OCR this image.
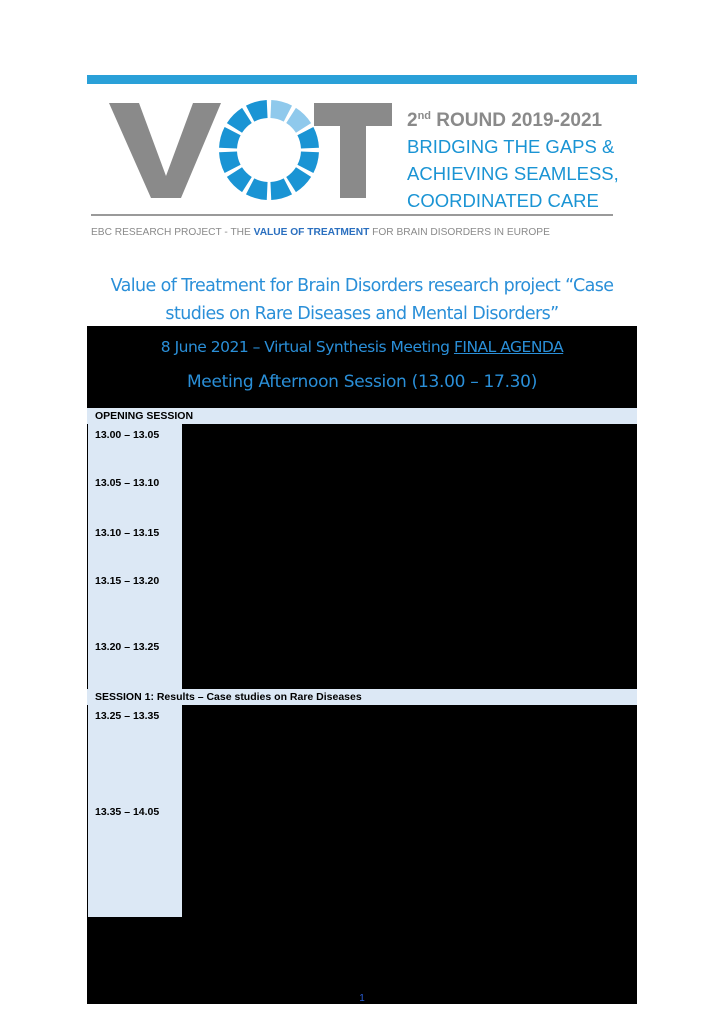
2nd ROUND 2019-2021
BRIDGING THE GAPS &
ACHIEVING SEAMLESS,
COORDINATED CARE
EBC RESEARCH PROJECT - THE VALUE OF TREATMENT FOR BRAIN DISORDERS IN EUROPE
Value of Treatment for Brain Disorders research project “Case
studies on Rare Diseases and Mental Disorders”
8 June 2021 – Virtual Synthesis Meeting FINAL AGENDA
Meeting Afternoon Session (13.00 – 17.30)
OPENING SESSION
13.00 – 13.05
13.05 – 13.10
13.10 – 13.15
13.15 – 13.20
13.20 – 13.25
SESSION 1: Results – Case studies on Rare Diseases
13.25 – 13.35
13.35 – 14.05
1
